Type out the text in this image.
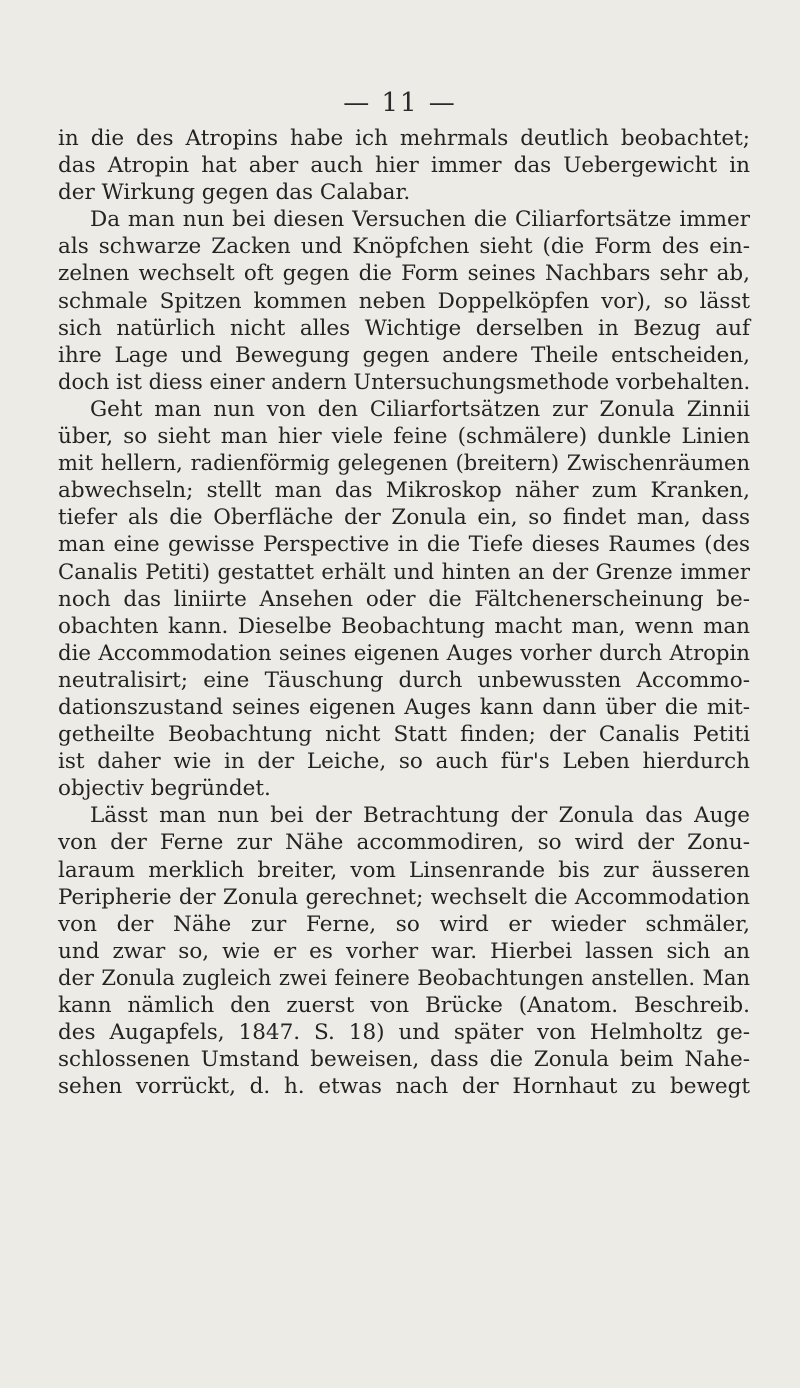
— 11 —
in die des Atropins habe ich mehrmals deutlich beobachtet;
das Atropin hat aber auch hier immer das Uebergewicht in
der Wirkung gegen das Calabar.
Da man nun bei diesen Versuchen die Ciliarfortsätze immer
als schwarze Zacken und Knöpfchen sieht (die Form des ein-
zelnen wechselt oft gegen die Form seines Nachbars sehr ab,
schmale Spitzen kommen neben Doppelköpfen vor), so lässt
sich natürlich nicht alles Wichtige derselben in Bezug auf
ihre Lage und Bewegung gegen andere Theile entscheiden,
doch ist diess einer andern Untersuchungsmethode vorbehalten.
Geht man nun von den Ciliarfortsätzen zur Zonula Zinnii
über, so sieht man hier viele feine (schmälere) dunkle Linien
mit hellern, radienförmig gelegenen (breitern) Zwischenräumen
abwechseln; stellt man das Mikroskop näher zum Kranken,
tiefer als die Oberfläche der Zonula ein, so findet man, dass
man eine gewisse Perspective in die Tiefe dieses Raumes (des
Canalis Petiti) gestattet erhält und hinten an der Grenze immer
noch das liniirte Ansehen oder die Fältchenerscheinung be-
obachten kann. Dieselbe Beobachtung macht man, wenn man
die Accommodation seines eigenen Auges vorher durch Atropin
neutralisirt; eine Täuschung durch unbewussten Accommo-
dationszustand seines eigenen Auges kann dann über die mit-
getheilte Beobachtung nicht Statt finden; der Canalis Petiti
ist daher wie in der Leiche, so auch für's Leben hierdurch
objectiv begründet.
Lässt man nun bei der Betrachtung der Zonula das Auge
von der Ferne zur Nähe accommodiren, so wird der Zonu-
laraum merklich breiter, vom Linsenrande bis zur äusseren
Peripherie der Zonula gerechnet; wechselt die Accommodation
von der Nähe zur Ferne, so wird er wieder schmäler,
und zwar so, wie er es vorher war. Hierbei lassen sich an
der Zonula zugleich zwei feinere Beobachtungen anstellen. Man
kann nämlich den zuerst von Brücke (Anatom. Beschreib.
des Augapfels, 1847. S. 18) und später von Helmholtz ge-
schlossenen Umstand beweisen, dass die Zonula beim Nahe-
sehen vorrückt, d. h. etwas nach der Hornhaut zu bewegt
